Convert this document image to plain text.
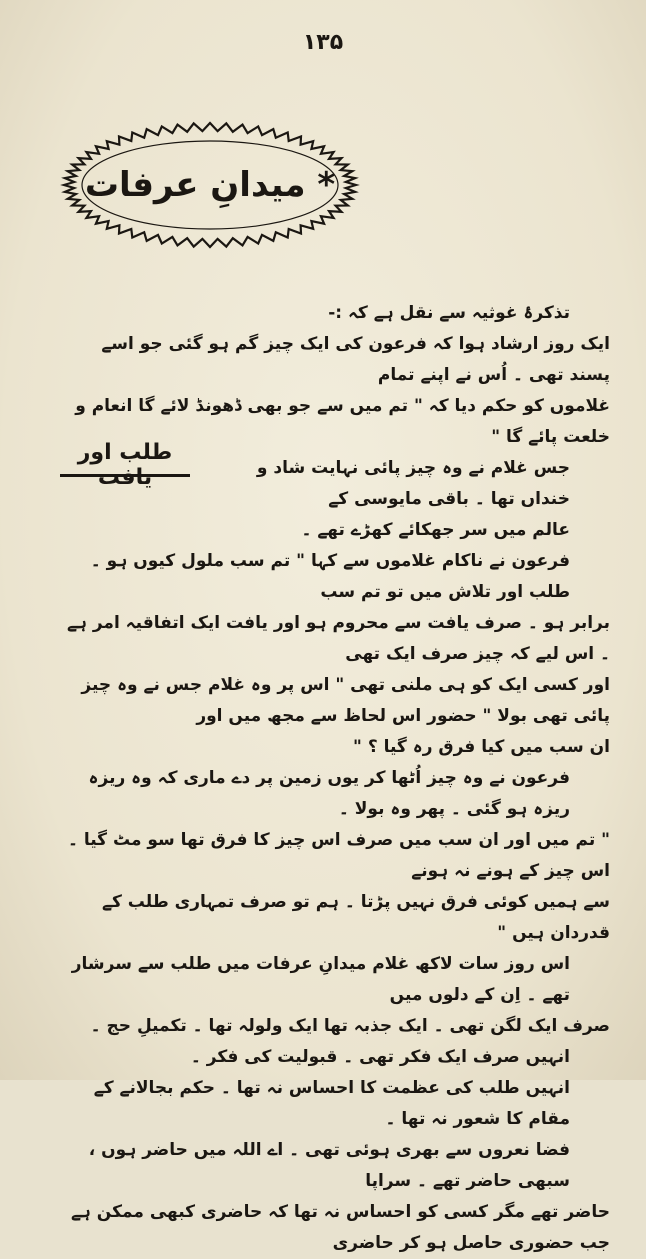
۱۳۵
* میدانِ عرفات
طلب اور یافت

تذکرۂ غوثیہ سے نقل ہے کہ :-

ایک روز ارشاد ہوا کہ فرعون کی ایک چیز گم ہو گئی جو اسے پسند تھی ۔ اُس نے اپنے تمام

غلاموں کو حکم دیا کہ " تم میں سے جو بھی ڈھونڈ لائے گا انعام و خلعت پائے گا "

جس غلام نے وہ چیز پائی نہایت شاد و خنداں تھا ۔ باقی مایوسی کے

عالم میں سر جھکائے کھڑے تھے ۔

فرعون نے ناکام غلاموں سے کہا " تم سب ملول کیوں ہو ۔ طلب اور تلاش میں تو تم سب

برابر ہو ۔ صرف یافت سے محروم ہو اور یافت ایک اتفاقیہ امر ہے ۔ اس لیے کہ چیز صرف ایک تھی

اور کسی ایک کو ہی ملنی تھی " اس پر وہ غلام جس نے وہ چیز پائی تھی بولا " حضور اس لحاظ سے مجھ میں اور

ان سب میں کیا فرق رہ گیا ؟ "

فرعون نے وہ چیز اُٹھا کر یوں زمین پر دے ماری کہ وہ ریزہ ریزہ ہو گئی ۔ پھر وہ بولا ۔

" تم میں اور ان سب میں صرف اس چیز کا فرق تھا سو مٹ گیا ۔ اس چیز کے ہونے نہ ہونے

سے ہمیں کوئی فرق نہیں پڑتا ۔ ہم تو صرف تمہاری طلب کے قدردان ہیں "

اس روز سات لاکھ غلام میدانِ عرفات میں طلب سے سرشار تھے ۔ اِن کے دلوں میں

صرف ایک لگن تھی ۔ ایک جذبہ تھا ایک ولولہ تھا ۔ تکمیلِ حج ۔

انہیں صرف ایک فکر تھی ۔ قبولیت کی فکر ۔

انہیں طلب کی عظمت کا احساس نہ تھا ۔ حکم بجالانے کے مقام کا شعور نہ تھا ۔

فضا نعروں سے بھری ہوئی تھی ۔ اے اللہ میں حاضر ہوں ، سبھی حاضر تھے ۔ سراپا

حاضر تھے مگر کسی کو احساس نہ تھا کہ حاضری کبھی ممکن ہے جب حضوری حاصل ہو کر حاضری
